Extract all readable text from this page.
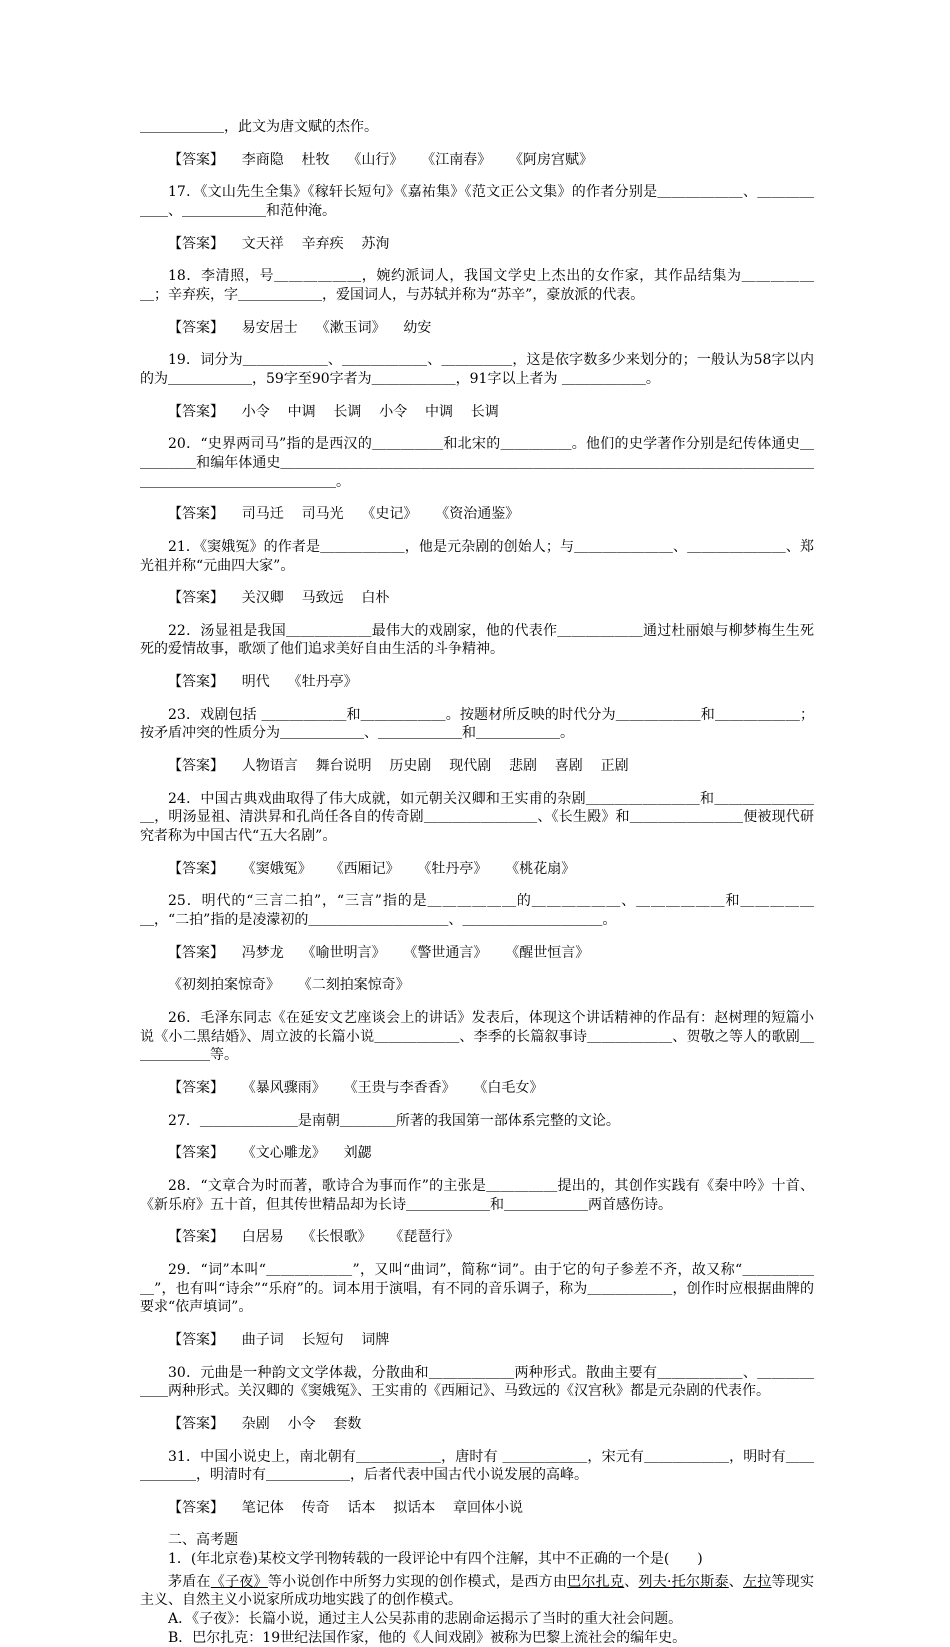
＿＿＿＿＿＿，此文为唐文赋的杰作。

【答案】    李商隐    杜牧    《山行》    《江南春》    《阿房宫赋》

17．《文山先生全集》《稼轩长短句》《嘉祐集》《范文正公文集》的作者分别是＿＿＿＿＿＿、＿＿＿＿＿＿、＿＿＿＿＿＿和范仲淹。

【答案】    文天祥    辛弃疾    苏洵

18．李清照，号＿＿＿＿＿＿，婉约派词人，我国文学史上杰出的女作家，其作品结集为＿＿＿＿＿＿；辛弃疾，字＿＿＿＿＿＿，爱国词人，与苏轼并称为“苏辛”，豪放派的代表。

【答案】    易安居士    《漱玉词》    幼安

19．词分为＿＿＿＿＿＿、＿＿＿＿＿＿、＿＿＿＿＿，这是依字数多少来划分的；一般认为58字以内的为＿＿＿＿＿＿，59字至90字者为＿＿＿＿＿＿，91字以上者为 ＿＿＿＿＿＿。

【答案】    小令    中调    长调    小令    中调    长调

20．“史界两司马”指的是西汉的＿＿＿＿＿和北宋的＿＿＿＿＿。他们的史学著作分别是纪传体通史＿＿＿＿＿和编年体通史＿＿＿＿＿＿＿＿＿＿＿＿＿＿＿＿＿＿＿＿＿＿＿＿＿＿＿＿＿＿＿＿＿＿＿＿＿＿＿＿＿＿＿＿＿＿＿＿＿＿＿＿。

【答案】    司马迁    司马光    《史记》    《资治通鉴》

21．《窦娥冤》的作者是＿＿＿＿＿＿，他是元杂剧的创始人；与＿＿＿＿＿＿＿、＿＿＿＿＿＿＿、郑光祖并称“元曲四大家”。

【答案】    关汉卿    马致远    白朴

22．汤显祖是我国＿＿＿＿＿＿最伟大的戏剧家，他的代表作＿＿＿＿＿＿通过杜丽娘与柳梦梅生生死死的爱情故事，歌颂了他们追求美好自由生活的斗争精神。

【答案】    明代    《牡丹亭》

23．戏剧包括 ＿＿＿＿＿＿和＿＿＿＿＿＿。按题材所反映的时代分为＿＿＿＿＿＿和＿＿＿＿＿＿；按矛盾冲突的性质分为＿＿＿＿＿＿、＿＿＿＿＿＿和＿＿＿＿＿＿。

【答案】    人物语言    舞台说明    历史剧    现代剧    悲剧    喜剧    正剧

24．中国古典戏曲取得了伟大成就，如元朝关汉卿和王实甫的杂剧＿＿＿＿＿＿＿＿和＿＿＿＿＿＿＿＿，明汤显祖、清洪昇和孔尚任各自的传奇剧＿＿＿＿＿＿＿＿、《长生殿》和＿＿＿＿＿＿＿＿便被现代研究者称为中国古代“五大名剧”。

【答案】    《窦娥冤》    《西厢记》    《牡丹亭》    《桃花扇》

25．明代的“三言二拍”，“三言”指的是＿＿＿＿＿＿的＿＿＿＿＿＿、＿＿＿＿＿＿和＿＿＿＿＿＿，“二拍”指的是凌濛初的＿＿＿＿＿＿＿＿＿＿、＿＿＿＿＿＿＿＿＿＿。

【答案】    冯梦龙    《喻世明言》    《警世通言》    《醒世恒言》

《初刻拍案惊奇》    《二刻拍案惊奇》

26．毛泽东同志《在延安文艺座谈会上的讲话》发表后，体现这个讲话精神的作品有：赵树理的短篇小说《小二黑结婚》、周立波的长篇小说＿＿＿＿＿＿、李季的长篇叙事诗＿＿＿＿＿＿、贺敬之等人的歌剧＿＿＿＿＿＿等。

【答案】    《暴风骤雨》    《王贵与李香香》    《白毛女》

27．＿＿＿＿＿＿＿是南朝＿＿＿＿所著的我国第一部体系完整的文论。

【答案】    《文心雕龙》    刘勰

28．“文章合为时而著，歌诗合为事而作”的主张是＿＿＿＿＿提出的，其创作实践有《秦中吟》十首、《新乐府》五十首，但其传世精品却为长诗＿＿＿＿＿＿和＿＿＿＿＿＿两首感伤诗。

【答案】    白居易    《长恨歌》    《琵琶行》

29．“词”本叫“＿＿＿＿＿＿”，又叫“曲词”，简称“词”。由于它的句子参差不齐，故又称“＿＿＿＿＿＿”，也有叫“诗余”“乐府”的。词本用于演唱，有不同的音乐调子，称为＿＿＿＿＿＿，创作时应根据曲牌的要求“依声填词”。

【答案】    曲子词    长短句    词牌

30．元曲是一种韵文文学体裁，分散曲和＿＿＿＿＿＿两种形式。散曲主要有＿＿＿＿＿＿、＿＿＿＿＿＿两种形式。关汉卿的《窦娥冤》、王实甫的《西厢记》、马致远的《汉宫秋》都是元杂剧的代表作。

【答案】    杂剧    小令    套数

31．中国小说史上，南北朝有＿＿＿＿＿＿，唐时有 ＿＿＿＿＿＿，宋元有＿＿＿＿＿＿，明时有＿＿＿＿＿＿，明清时有＿＿＿＿＿＿，后者代表中国古代小说发展的高峰。

【答案】    笔记体    传奇    话本    拟话本    章回体小说

二、高考题

1．(年北京卷)某校文学刊物转载的一段评论中有四个注解，其中不正确的一个是(　　)

茅盾在《子夜》等小说创作中所努力实现的创作模式，是西方由巴尔扎克、列夫·托尔斯泰、左拉等现实主义、自然主义小说家所成功地实践了的创作模式。

A．《子夜》：长篇小说，通过主人公吴荪甫的悲剧命运揭示了当时的重大社会问题。

B．巴尔扎克：19世纪法国作家，他的《人间戏剧》被称为巴黎上流社会的编年史。
